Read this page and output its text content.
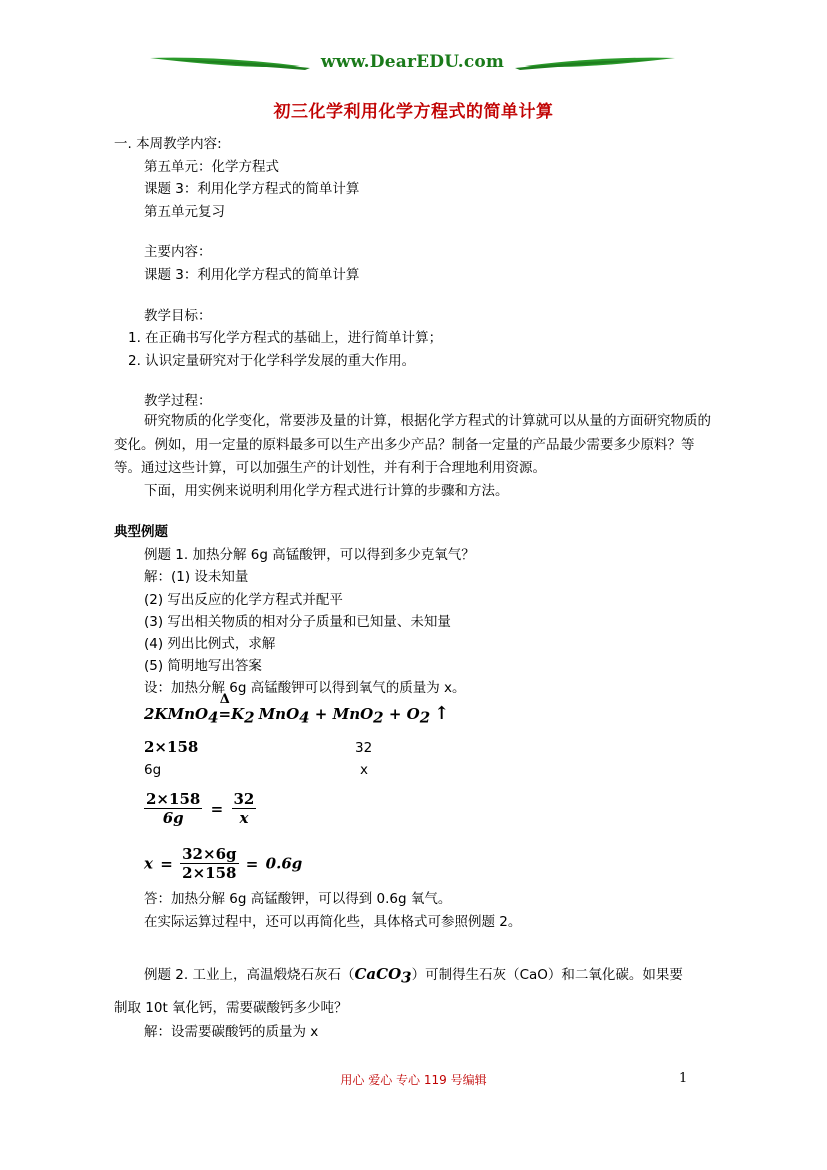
www.DearEDU.com
初三化学利用化学方程式的简单计算
一. 本周教学内容:
第五单元：化学方程式
课题 3：利用化学方程式的简单计算
第五单元复习
主要内容：
课题 3：利用化学方程式的简单计算
教学目标：
1. 在正确书写化学方程式的基础上，进行简单计算；
2. 认识定量研究对于化学科学发展的重大作用。
教学过程：
研究物质的化学变化，常要涉及量的计算，根据化学方程式的计算就可以从量的方面研究物质的变化。例如，用一定量的原料最多可以生产出多少产品？制备一定量的产品最少需要多少原料？等等。通过这些计算，可以加强生产的计划性，并有利于合理地利用资源。
下面，用实例来说明利用化学方程式进行计算的步骤和方法。
典型例题
例题 1. 加热分解 6g 高锰酸钾，可以得到多少克氧气？
解：(1) 设未知量
(2) 写出反应的化学方程式并配平
(3) 写出相关物质的相对分子质量和已知量、未知量
(4) 列出比例式，求解
(5) 简明地写出答案
设：加热分解 6g 高锰酸钾可以得到氧气的质量为 x。
2KMnO$_4$
Δ
$=K_2$ $MnO_4 + MnO_2 + O_2$ ↑
2×158	32
6g	x
$\frac{2\times 158}{6g} = \frac{32}{x}$
$x = \frac{32\times 6g}{2\times 158} = 0.6g$
答：加热分解 6g 高锰酸钾，可以得到 0.6g 氧气。
在实际运算过程中，还可以再简化些，具体格式可参照例题 2。
例题 2. 工业上，高温煅烧石灰石（CaCO$_3$）可制得生石灰（CaO）和二氧化碳。如果要
制取 10t 氧化钙，需要碳酸钙多少吨？
解：设需要碳酸钙的质量为 x
用心 爱心 专心 119 号编辑	1
